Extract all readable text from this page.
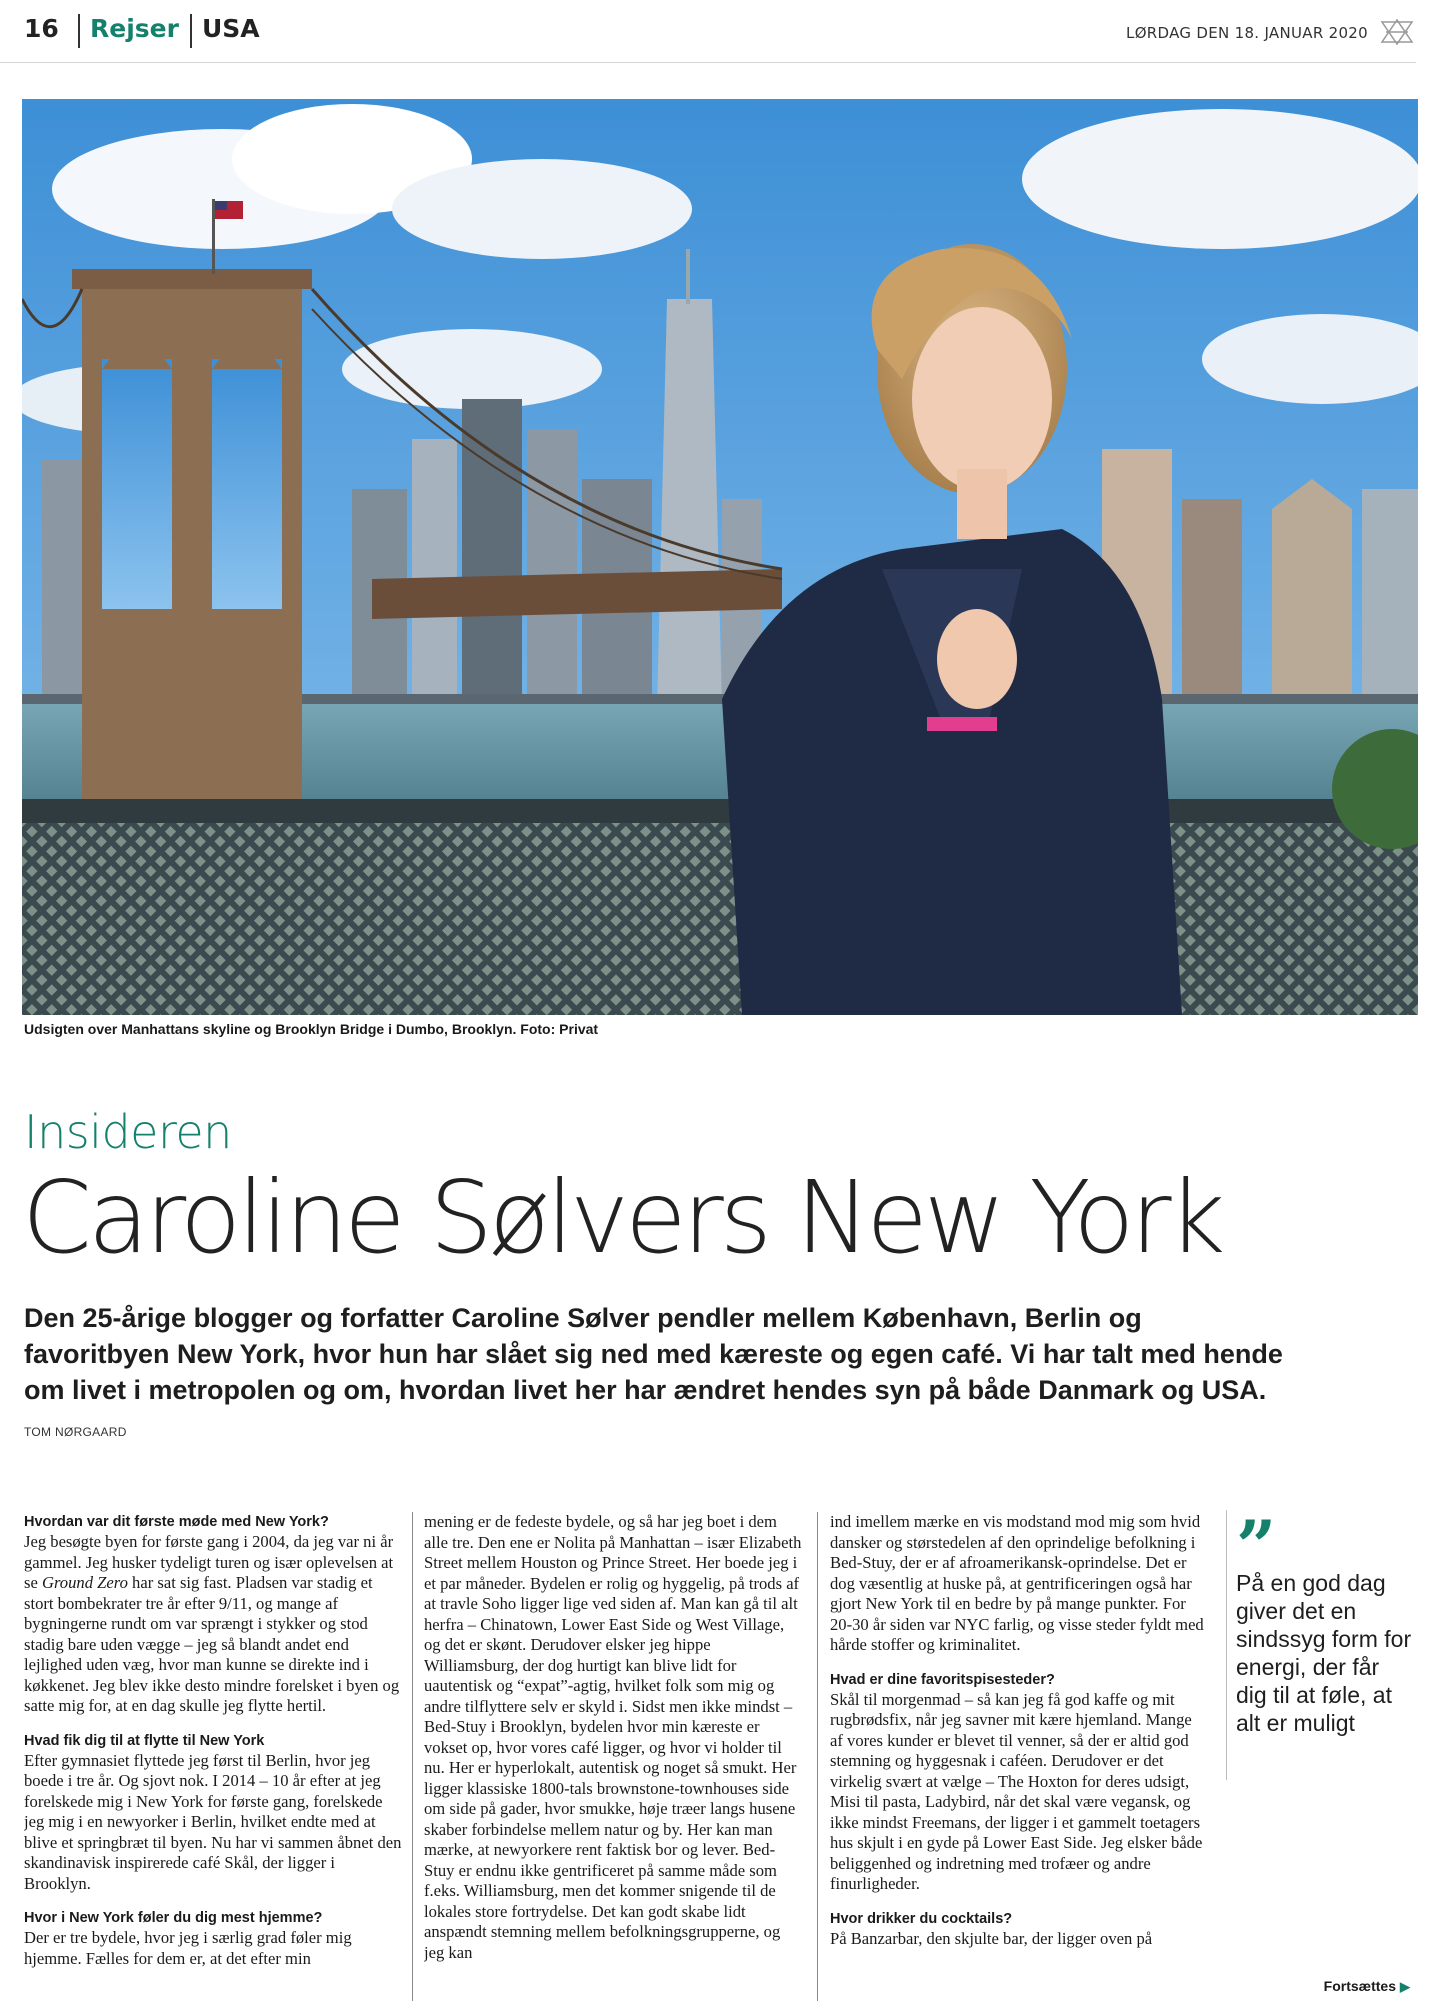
16 Rejser USA	LØRDAG DEN 18. JANUAR 2020
Udsigten over Manhattans skyline og Brooklyn Bridge i Dumbo, Brooklyn. Foto: Privat
Insideren
Caroline Sølvers New York
Den 25-årige blogger og forfatter Caroline Sølver pendler mellem København, Berlin og favoritbyen New York, hvor hun har slået sig ned med kæreste og egen café. Vi har talt med hende om livet i metropolen og om, hvordan livet her har ændret hendes syn på både Danmark og USA.
TOM NØRGAARD
Hvordan var dit første møde med New York?

Jeg besøgte byen for første gang i 2004, da jeg var ni år gammel. Jeg husker tydeligt turen og især oplevelsen at se Ground Zero har sat sig fast. Pladsen var stadig et stort bombekrater tre år efter 9/11, og mange af bygningerne rundt om var sprængt i stykker og stod stadig bare uden vægge – jeg så blandt andet end lejlighed uden væg, hvor man kunne se direkte ind i køkkenet. Jeg blev ikke desto mindre forelsket i byen og satte mig for, at en dag skulle jeg flytte hertil.

Hvad fik dig til at flytte til New York

Efter gymnasiet flyttede jeg først til Berlin, hvor jeg boede i tre år. Og sjovt nok. I 2014 – 10 år efter at jeg forelskede mig i New York for første gang, forelskede jeg mig i en newyorker i Berlin, hvilket endte med at blive et springbræt til byen. Nu har vi sammen åbnet den skandinavisk inspirerede café Skål, der ligger i Brooklyn.

Hvor i New York føler du dig mest hjemme?

Der er tre bydele, hvor jeg i særlig grad føler mig hjemme. Fælles for dem er, at det efter min

mening er de fedeste bydele, og så har jeg boet i dem alle tre. Den ene er Nolita på Manhattan – især Elizabeth Street mellem Houston og Prince Street. Her boede jeg i et par måneder. Bydelen er rolig og hyggelig, på trods af at travle Soho ligger lige ved siden af. Man kan gå til alt herfra – Chinatown, Lower East Side og West Village, og det er skønt. Derudover elsker jeg hippe Williamsburg, der dog hurtigt kan blive lidt for uautentisk og “expat”-agtig, hvilket folk som mig og andre tilflyttere selv er skyld i. Sidst men ikke mindst – Bed-Stuy i Brooklyn, bydelen hvor min kæreste er vokset op, hvor vores café ligger, og hvor vi holder til nu. Her er hyperlokalt, autentisk og noget så smukt. Her ligger klassiske 1800-tals brownstone-townhouses side om side på gader, hvor smukke, høje træer langs husene skaber forbindelse mellem natur og by. Her kan man mærke, at newyorkere rent faktisk bor og lever. Bed-Stuy er endnu ikke gentrificeret på samme måde som f.eks. Williamsburg, men det kommer snigende til de lokales store fortrydelse. Det kan godt skabe lidt anspændt stemning mellem befolkningsgrupperne, og jeg kan

ind imellem mærke en vis modstand mod mig som hvid dansker og størstedelen af den oprindelige befolkning i Bed-Stuy, der er af afroamerikansk-oprindelse. Det er dog væsentlig at huske på, at gentrificeringen også har gjort New York til en bedre by på mange punkter. For 20-30 år siden var NYC farlig, og visse steder fyldt med hårde stoffer og kriminalitet.

Hvad er dine favoritspisesteder?

Skål til morgenmad – så kan jeg få god kaffe og mit rugbrødsfix, når jeg savner mit kære hjemland. Mange af vores kunder er blevet til venner, så der er altid god stemning og hyggesnak i caféen. Derudover er det virkelig svært at vælge – The Hoxton for deres udsigt, Misi til pasta, Ladybird, når det skal være vegansk, og ikke mindst Freemans, der ligger i et gammelt toetagers hus skjult i en gyde på Lower East Side. Jeg elsker både beliggenhed og indretning med trofæer og andre finurligheder.

Hvor drikker du cocktails?

På Banzarbar, den skjulte bar, der ligger oven på

”
På en god dag giver det en sindssyg form for energi, der får dig til at føle, at alt er muligt
Fortsættes ▶
